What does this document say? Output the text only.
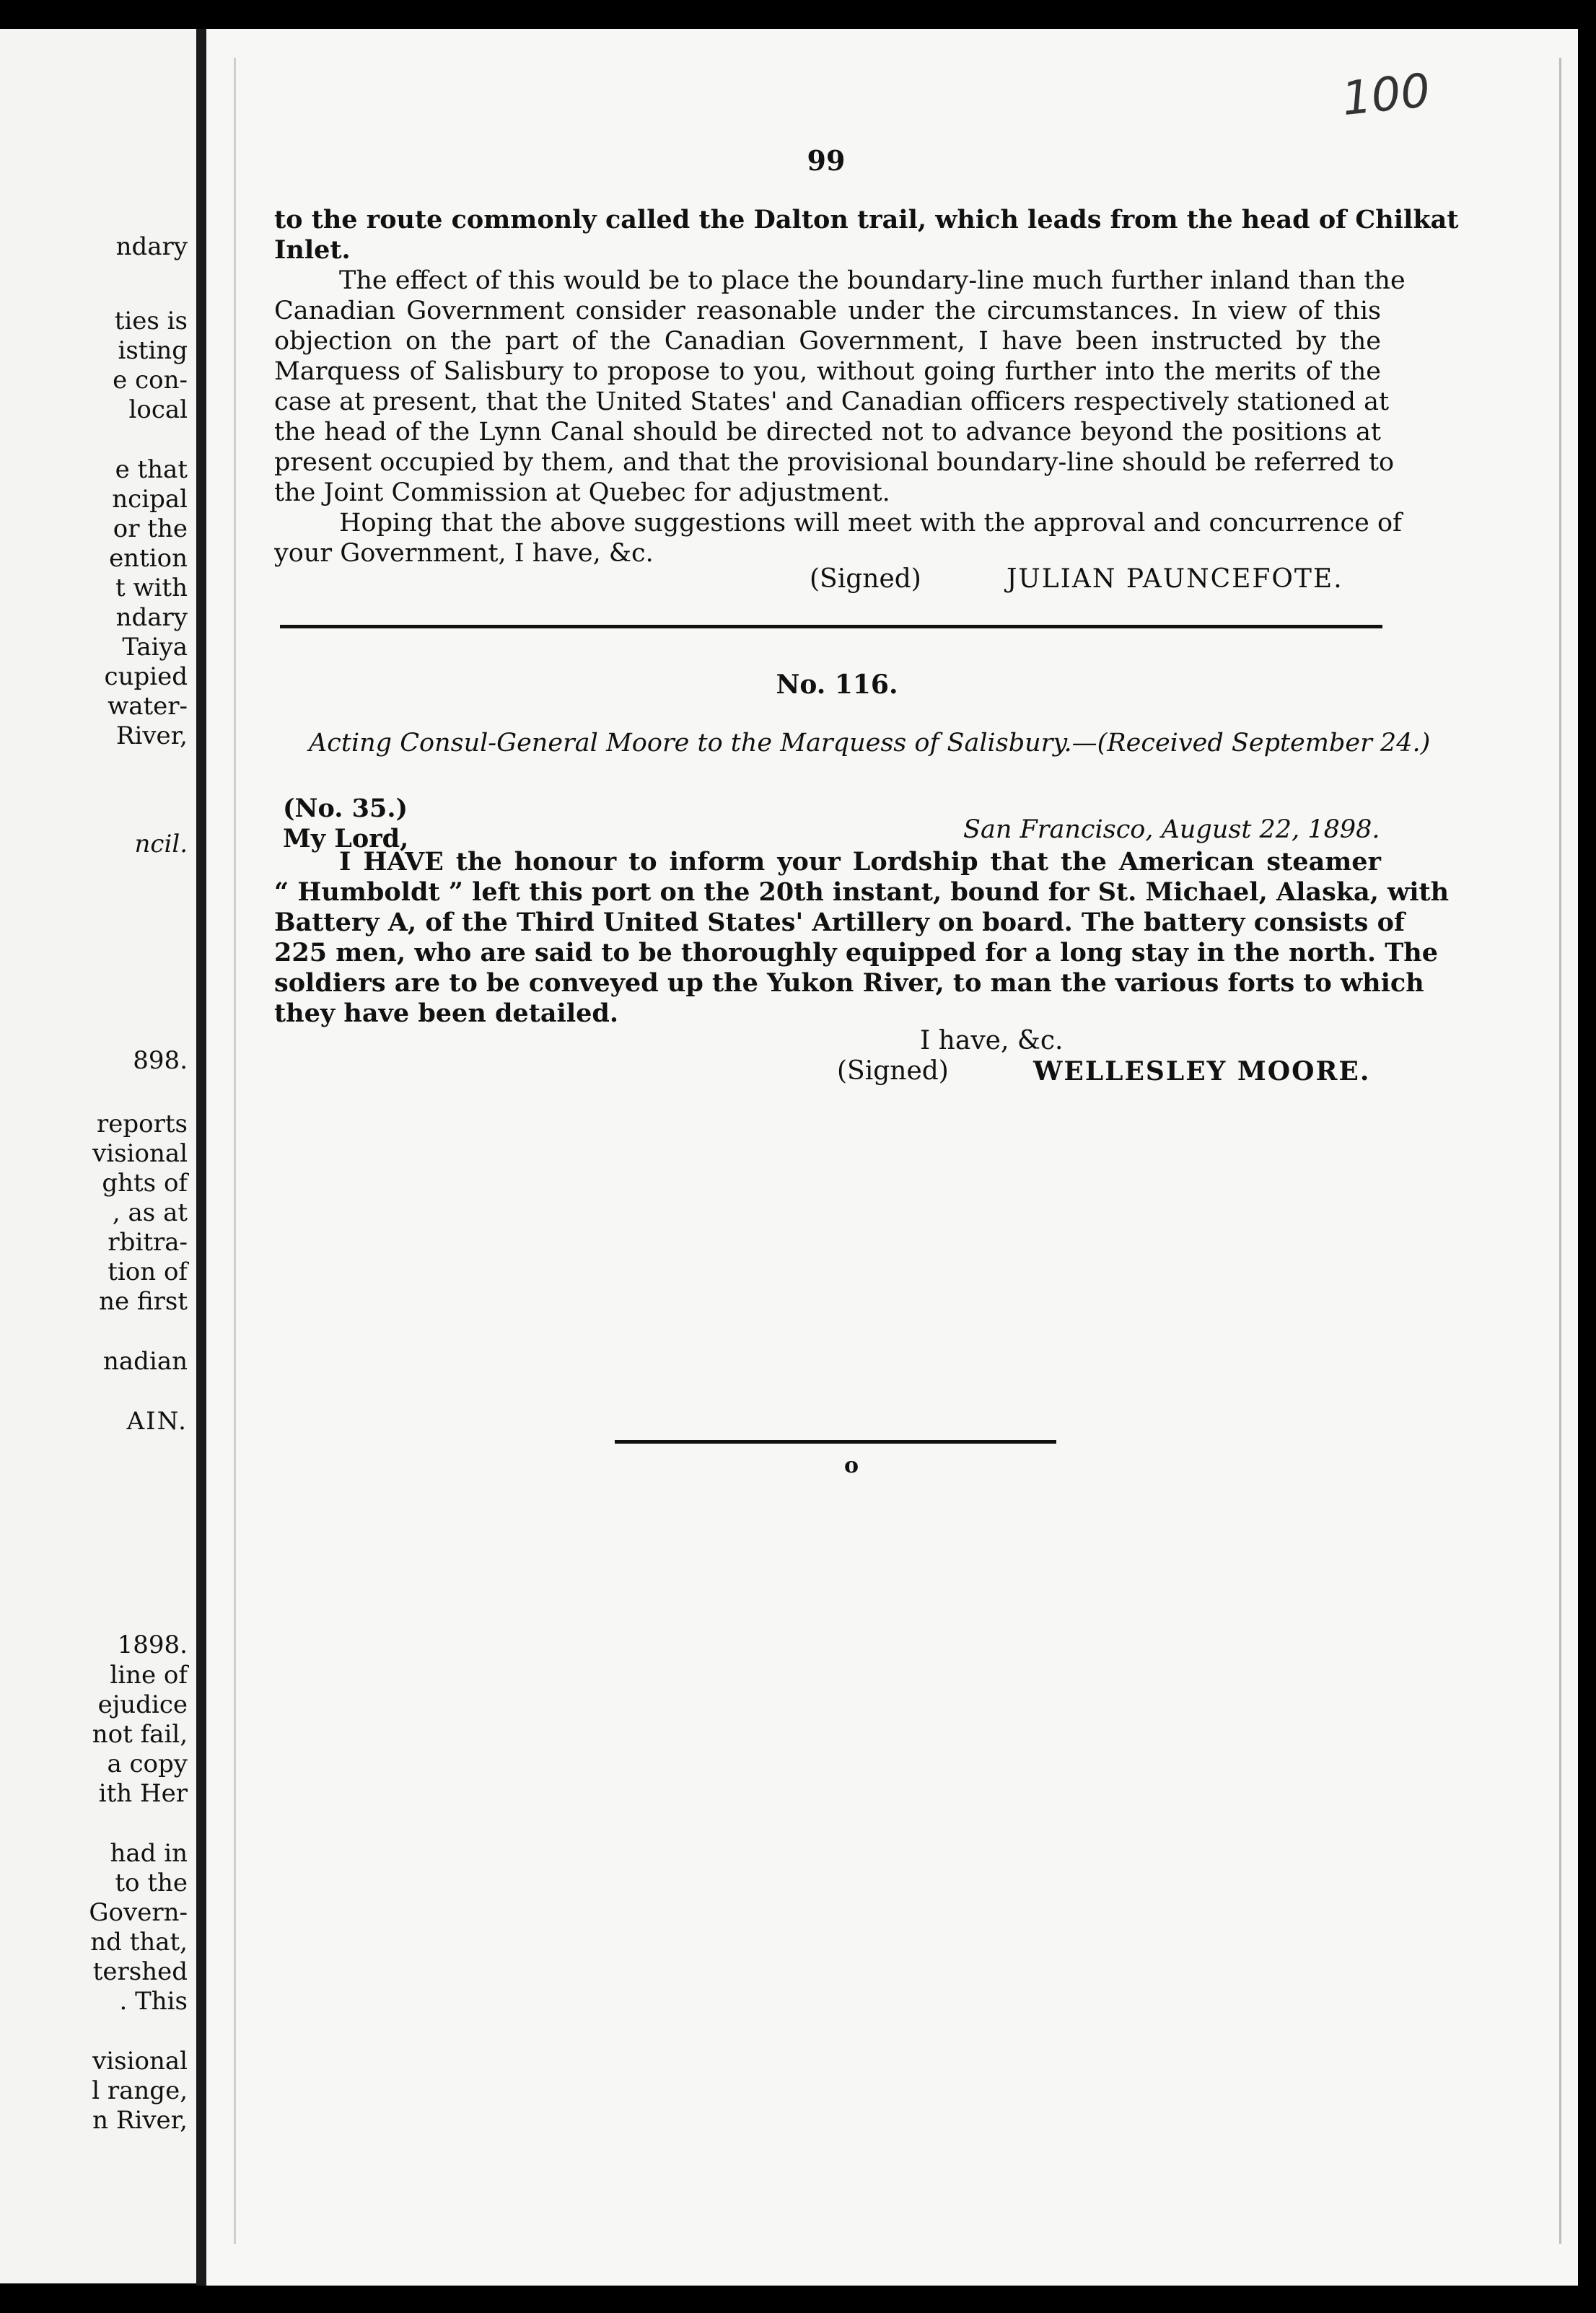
ndary
ties is
isting
e con-
local
e that
ncipal
or the
ention
t with
ndary
Taiya
cupied
water-
River,
ncil.
898.
reports
visional
ghts of
, as at
rbitra-
tion of
ne first
nadian
AIN.
1898.
line of
ejudice
not fail,
a copy
ith Her
had in
to the
Govern-
nd that,
tershed
. This
visional
l range,
n River,
100
99
to the route commonly called the Dalton trail, which leads from the head of Chilkat
Inlet.
The effect of this would be to place the boundary-line much further inland than the
Canadian Government consider reasonable under the circumstances. In view of this
objection on the part of the Canadian Government, I have been instructed by the
Marquess of Salisbury to propose to you, without going further into the merits of the
case at present, that the United States' and Canadian officers respectively stationed at
the head of the Lynn Canal should be directed not to advance beyond the positions at
present occupied by them, and that the provisional boundary-line should be referred to
the Joint Commission at Quebec for adjustment.
Hoping that the above suggestions will meet with the approval and concurrence of
your Government, I have, &c.
(Signed)	JULIAN PAUNCEFOTE.
No. 116.
Acting Consul-General Moore to the Marquess of Salisbury.—(Received September 24.)
(No. 35.)
My Lord,	San Francisco, August 22, 1898.
I HAVE the honour to inform your Lordship that the American steamer
“ Humboldt ” left this port on the 20th instant, bound for St. Michael, Alaska, with
Battery A, of the Third United States' Artillery on board. The battery consists of
225 men, who are said to be thoroughly equipped for a long stay in the north. The
soldiers are to be conveyed up the Yukon River, to man the various forts to which
they have been detailed.
I have, &c.
(Signed)	WELLESLEY MOORE.
o
